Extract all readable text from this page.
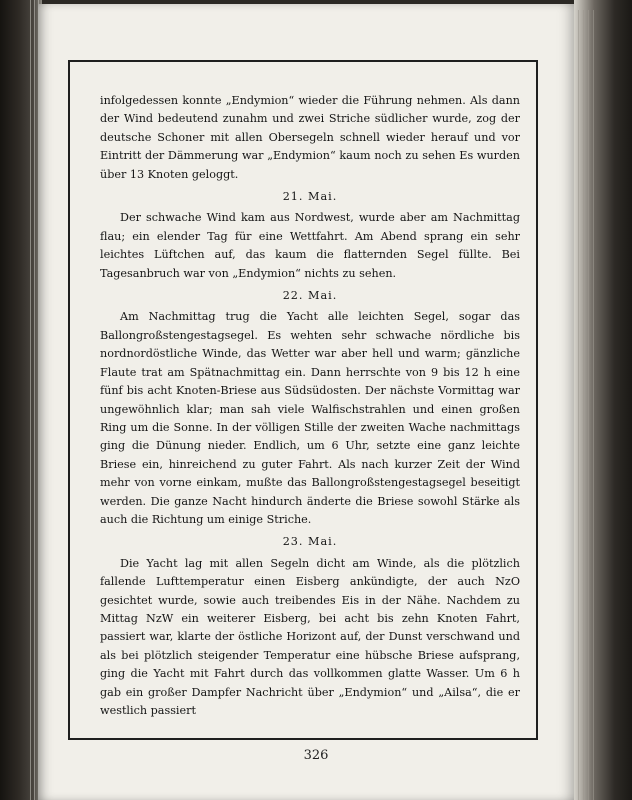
infolgedessen konnte „Endymion“ wieder die Führung nehmen. Als dann der Wind bedeutend zunahm und zwei Striche südlicher wurde, zog der deutsche Schoner mit allen Obersegeln schnell wieder herauf und vor Eintritt der Dämmerung war „Endymion“ kaum noch zu sehen Es wurden über 13 Knoten geloggt.

21. Mai.

Der schwache Wind kam aus Nordwest, wurde aber am Nachmittag flau; ein elender Tag für eine Wettfahrt. Am Abend sprang ein sehr leichtes Lüftchen auf, das kaum die flatternden Segel füllte. Bei Tagesanbruch war von „Endymion“ nichts zu sehen.

22. Mai.

Am Nachmittag trug die Yacht alle leichten Segel, sogar das Ballongroßstengestagsegel. Es wehten sehr schwache nördliche bis nordnordöstliche Winde, das Wetter war aber hell und warm; gänzliche Flaute trat am Spätnachmittag ein. Dann herrschte von 9 bis 12 h eine fünf bis acht Knoten-Briese aus Südsüdosten. Der nächste Vormittag war ungewöhnlich klar; man sah viele Walfischstrahlen und einen großen Ring um die Sonne. In der völligen Stille der zweiten Wache nachmittags ging die Dünung nieder. Endlich, um 6 Uhr, setzte eine ganz leichte Briese ein, hinreichend zu guter Fahrt. Als nach kurzer Zeit der Wind mehr von vorne einkam, mußte das Ballongroßstengestagsegel beseitigt werden. Die ganze Nacht hindurch änderte die Briese sowohl Stärke als auch die Richtung um einige Striche.

23. Mai.

Die Yacht lag mit allen Segeln dicht am Winde, als die plötzlich fallende Lufttemperatur einen Eisberg ankündigte, der auch NzO gesichtet wurde, sowie auch treibendes Eis in der Nähe. Nachdem zu Mittag NzW ein weiterer Eisberg, bei acht bis zehn Knoten Fahrt, passiert war, klarte der östliche Horizont auf, der Dunst verschwand und als bei plötzlich steigender Temperatur eine hübsche Briese aufsprang, ging die Yacht mit Fahrt durch das vollkommen glatte Wasser. Um 6 h gab ein großer Dampfer Nachricht über „Endymion“ und „Ailsa“, die er westlich passiert

326
